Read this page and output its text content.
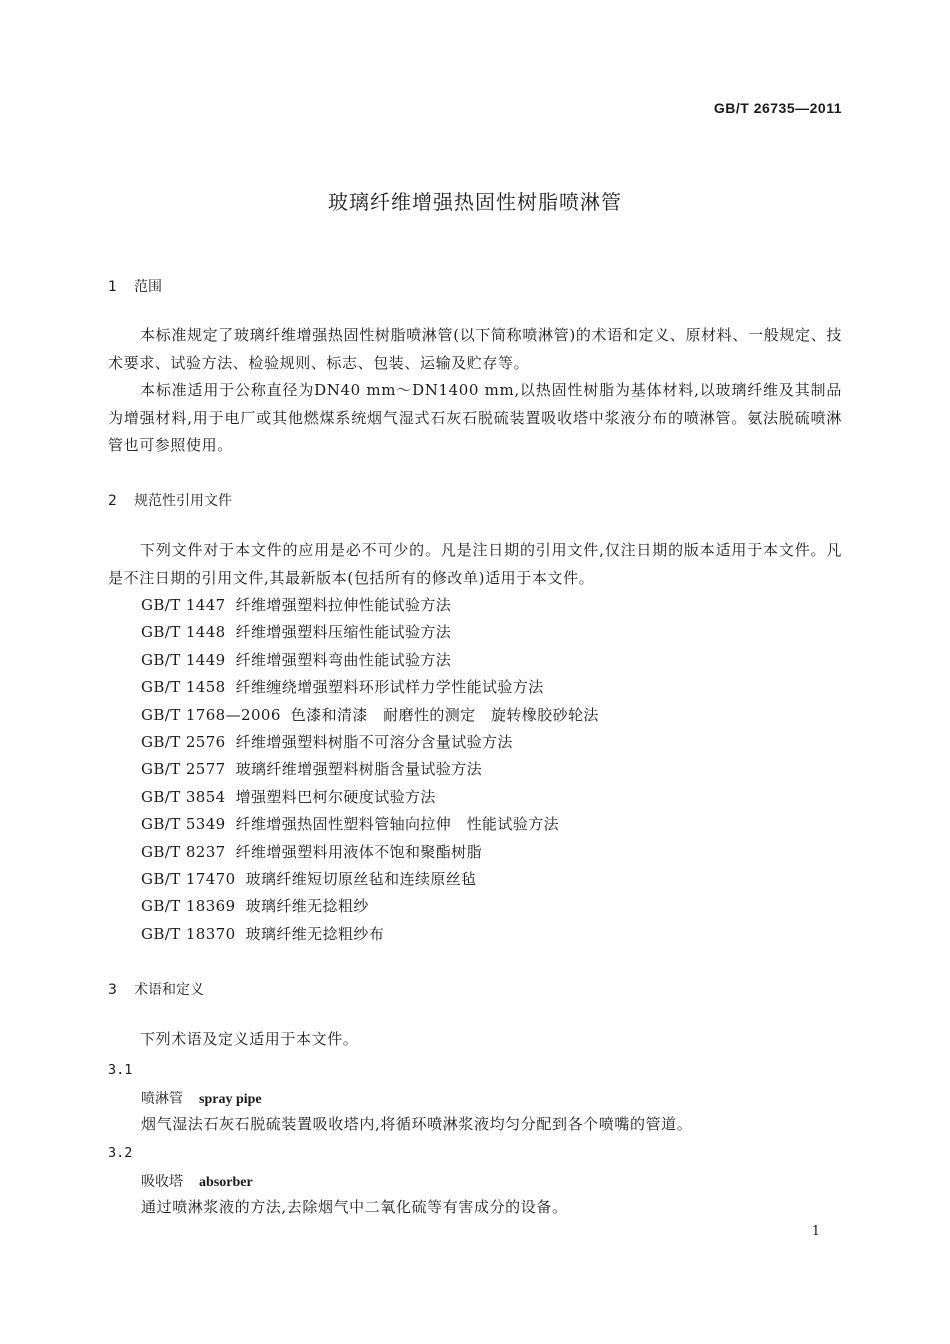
GB/T 26735—2011
玻璃纤维增强热固性树脂喷淋管
1 范围

本标准规定了玻璃纤维增强热固性树脂喷淋管(以下简称喷淋管)的术语和定义、原材料、一般规定、技术要求、试验方法、检验规则、标志、包装、运输及贮存等。

本标准适用于公称直径为DN40 mm～DN1400 mm,以热固性树脂为基体材料,以玻璃纤维及其制品为增强材料,用于电厂或其他燃煤系统烟气湿式石灰石脱硫装置吸收塔中浆液分布的喷淋管。氨法脱硫喷淋管也可参照使用。

2 规范性引用文件

下列文件对于本文件的应用是必不可少的。凡是注日期的引用文件,仅注日期的版本适用于本文件。凡是不注日期的引用文件,其最新版本(包括所有的修改单)适用于本文件。

GB/T 1447 纤维增强塑料拉伸性能试验方法
GB/T 1448 纤维增强塑料压缩性能试验方法
GB/T 1449 纤维增强塑料弯曲性能试验方法
GB/T 1458 纤维缠绕增强塑料环形试样力学性能试验方法
GB/T 1768—2006 色漆和清漆　耐磨性的测定　旋转橡胶砂轮法
GB/T 2576 纤维增强塑料树脂不可溶分含量试验方法
GB/T 2577 玻璃纤维增强塑料树脂含量试验方法
GB/T 3854 增强塑料巴柯尔硬度试验方法
GB/T 5349 纤维增强热固性塑料管轴向拉伸　性能试验方法
GB/T 8237 纤维增强塑料用液体不饱和聚酯树脂
GB/T 17470 玻璃纤维短切原丝毡和连续原丝毡
GB/T 18369 玻璃纤维无捻粗纱
GB/T 18370 玻璃纤维无捻粗纱布
3 术语和定义

下列术语及定义适用于本文件。

3.1
喷淋管 spray pipe
烟气湿法石灰石脱硫装置吸收塔内,将循环喷淋浆液均匀分配到各个喷嘴的管道。
3.2
吸收塔 absorber
通过喷淋浆液的方法,去除烟气中二氧化硫等有害成分的设备。
1
